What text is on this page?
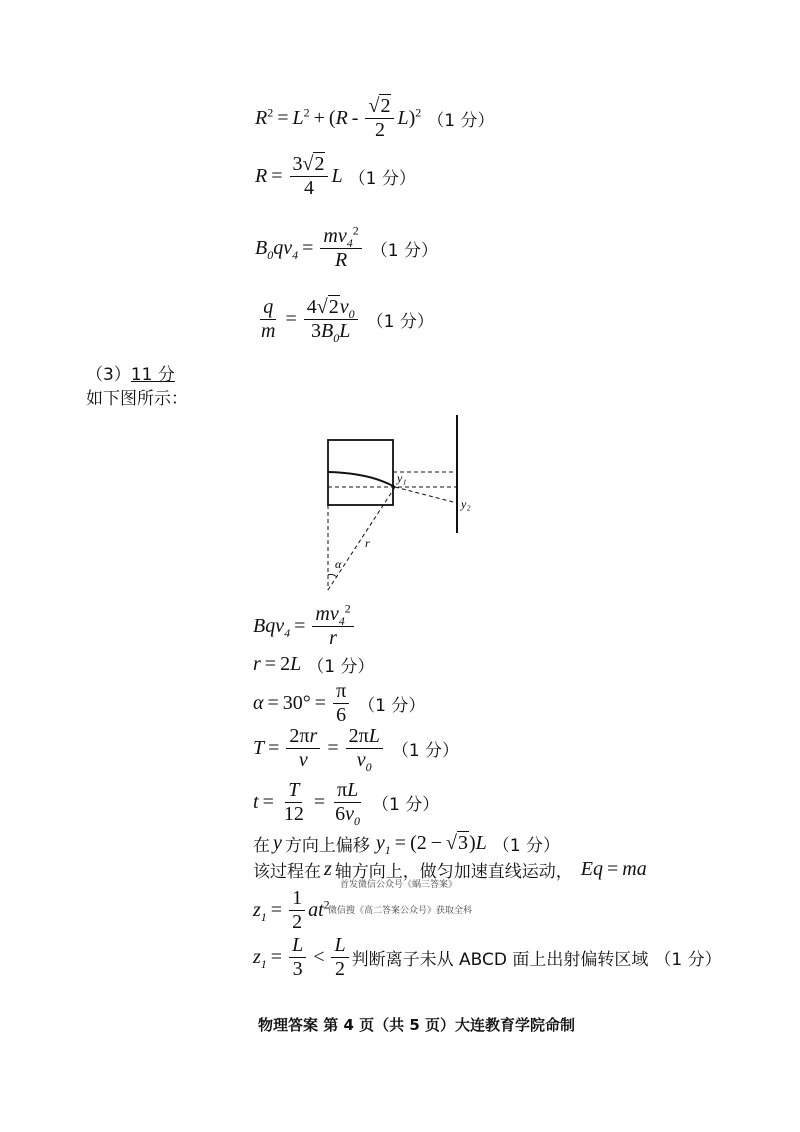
$R^2 = L^2$ + ( R - $\frac{√2}{2}$ L )$^2$ （1 分）
$R = \frac{3√2}{4}$ L （1 分）
$B_0qv_4 = \frac{mv_4^2}{R} (1$ 分）
$\frac{q}{m} = \frac{4√2v_0}{3B_0L} (1$ 分）
（3）11 分
如下图所示：
y₁
y₂
r
α
$Bqv_4 = \frac{mv_4^2}{r}$
r = 2 L （1 分）
$\alpha = 30^\circ = \frac{\pi}{6} (1$ 分）
$T = \frac{2\pi r}{v} = \frac{2\pi L}{v_0} (1$ 分）
$t = \frac{T}{12} = \frac{\pi L}{6v_0} (1$ 分）
在 y 方向上偏移 $y_1 = (2 - √3$ ) L （1 分）
该过程在 z 轴方向上，做匀加速直线运动， Eq = ma
首发微信公众号《蜗三答案》
$z_1 = \frac{1}{2} at^2$
微信搜《高二答案公众号》获取全科
$z_1 = \frac{L}{3} < \frac{L}{2}$ 判断离子未从 ABCD 面上出射偏转区域 （1 分）
物理答案 第 4 页（共 5 页）大连教育学院命制
